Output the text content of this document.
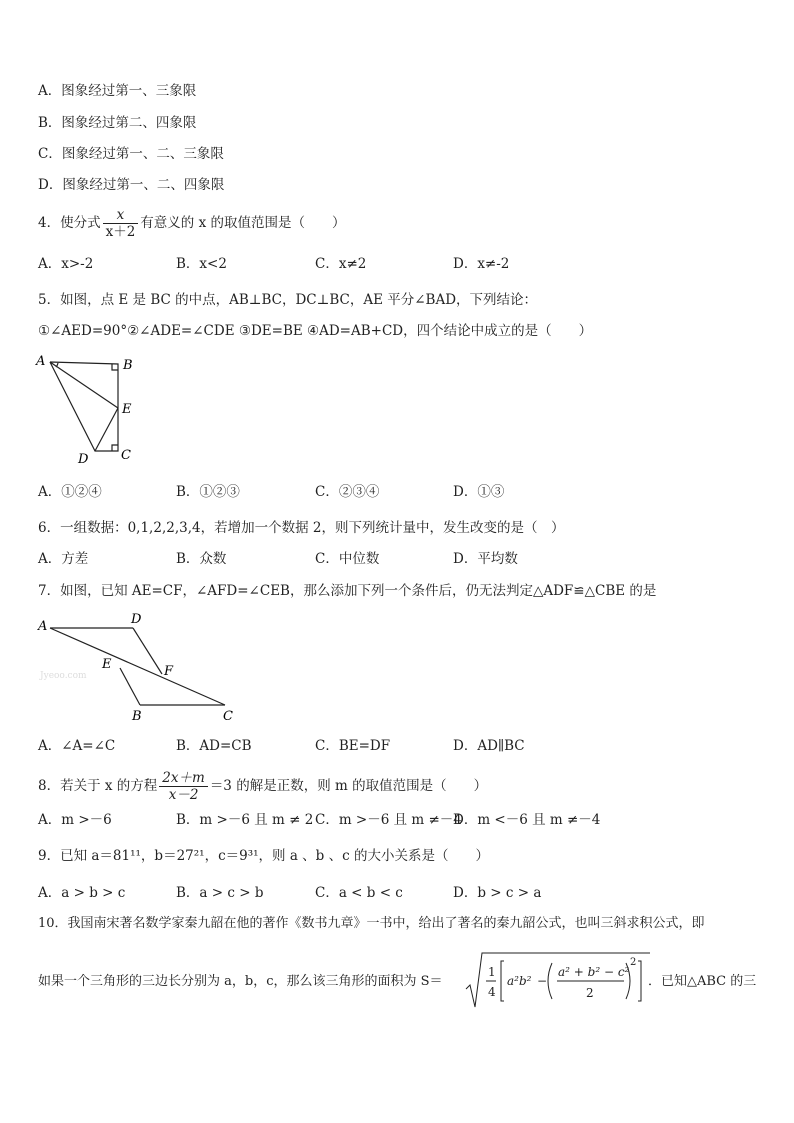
A．图象经过第一、三象限
B．图象经过第二、四象限
C．图象经过第一、二、三象限
D．图象经过第一、二、四象限
4．使分式 $\frac{x}{x+2}$ 有意义的 x 的取值范围是（　　）
A．x>-2	B．x<2	C．x≠2	D．x≠-2
5．如图，点 E 是 BC 的中点，AB⊥BC，DC⊥BC，AE 平分∠BAD，下列结论：
①∠AED=90°②∠ADE=∠CDE ③DE=BE ④AD=AB+CD，四个结论中成立的是（　　）
A	B
E
D	C
A．①②④	B．①②③	C．②③④	D．①③
6．一组数据：0,1,2,2,3,4，若增加一个数据 2，则下列统计量中，发生改变的是（　）
A．方差	B．众数	C．中位数	D．平均数
7．如图，已知 AE=CF，∠AFD=∠CEB，那么添加下列一个条件后，仍无法判定△ADF≌△CBE 的是
A	D
E	F
B	C
Jyeoo.com
A．∠A=∠C	B．AD=CB	C．BE=DF	D．AD∥BC
8．若关于 x 的方程 $\frac{2x+m}{x-2} =3$ 的解是正数，则 m 的取值范围是（　　）
A．m >－6	B．m >－6 且 m ≠ 2 C．m >－6 且 m ≠－4
D．m <－6 且 m ≠－4
9．已知 a＝81¹¹，b＝27²¹，c＝9³¹，则 a 、b 、c 的大小关系是（　　）
A．a > b > c	B．a > c > b	C．a < b < c	D．b > c > a
10．我国南宋著名数学家秦九韶在他的著作《数书九章》一书中，给出了著名的秦九韶公式，也叫三斜求积公式，即
如果一个三角形的三边长分别为 a，b，c，那么该三角形的面积为 S＝
1
4
a²b² −
a² + b² − c²
2
2
．已知△ABC 的三
